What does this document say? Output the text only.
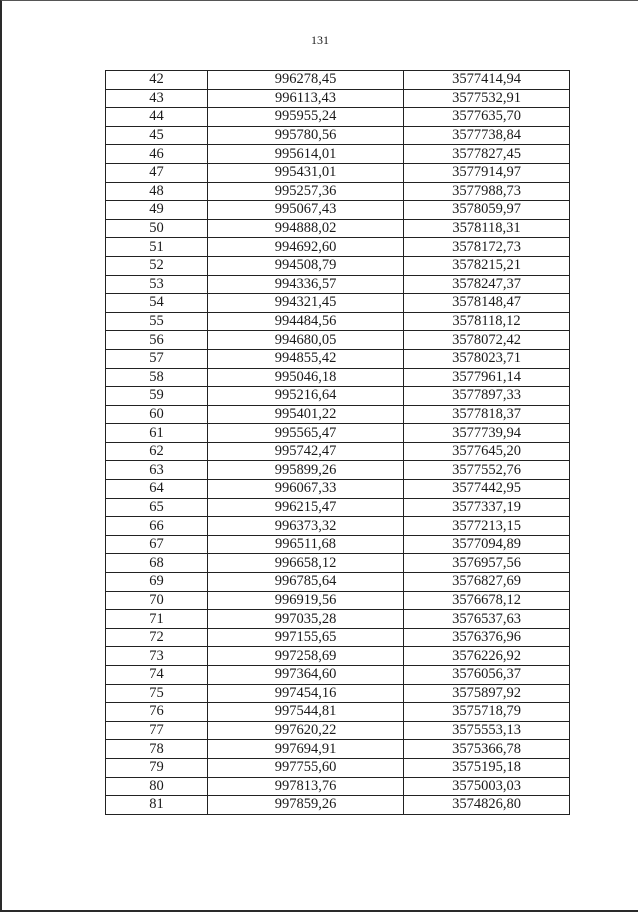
131
42	996278,45	3577414,94
43	996113,43	3577532,91
44	995955,24	3577635,70
45	995780,56	3577738,84
46	995614,01	3577827,45
47	995431,01	3577914,97
48	995257,36	3577988,73
49	995067,43	3578059,97
50	994888,02	3578118,31
51	994692,60	3578172,73
52	994508,79	3578215,21
53	994336,57	3578247,37
54	994321,45	3578148,47
55	994484,56	3578118,12
56	994680,05	3578072,42
57	994855,42	3578023,71
58	995046,18	3577961,14
59	995216,64	3577897,33
60	995401,22	3577818,37
61	995565,47	3577739,94
62	995742,47	3577645,20
63	995899,26	3577552,76
64	996067,33	3577442,95
65	996215,47	3577337,19
66	996373,32	3577213,15
67	996511,68	3577094,89
68	996658,12	3576957,56
69	996785,64	3576827,69
70	996919,56	3576678,12
71	997035,28	3576537,63
72	997155,65	3576376,96
73	997258,69	3576226,92
74	997364,60	3576056,37
75	997454,16	3575897,92
76	997544,81	3575718,79
77	997620,22	3575553,13
78	997694,91	3575366,78
79	997755,60	3575195,18
80	997813,76	3575003,03
81	997859,26	3574826,80
